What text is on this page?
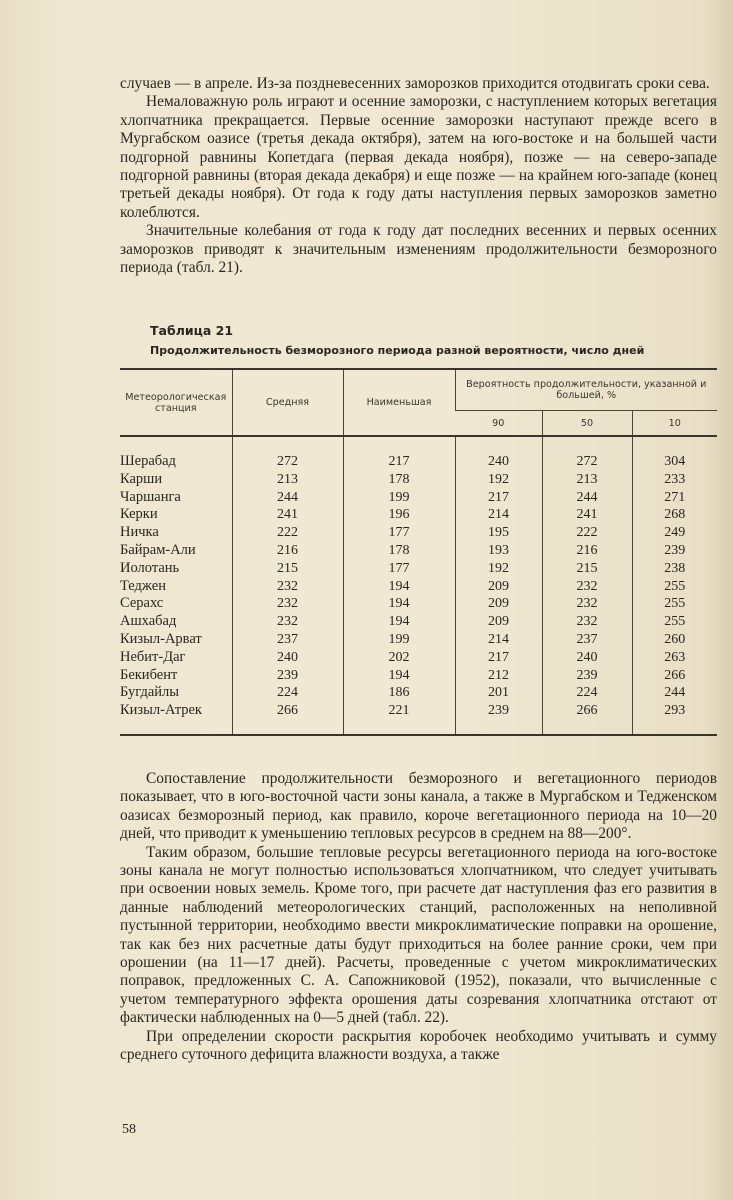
случаев — в апреле. Из-за поздневесенних заморозков приходится отодвигать сроки сева.

Немаловажную роль играют и осенние заморозки, с наступлением которых вегетация хлопчатника прекращается. Первые осенние заморозки наступают прежде всего в Мургабском оазисе (третья декада октября), затем на юго-востоке и на большей части подгорной равнины Копетдага (первая декада ноября), позже — на северо-западе подгорной равнины (вторая декада декабря) и еще позже — на крайнем юго-западе (конец третьей декады ноября). От года к году даты наступления первых заморозков заметно колеблются.

Значительные колебания от года к году дат последних весенних и первых осенних заморозков приводят к значительным изменениям продолжительности безморозного периода (табл. 21).

Таблица 21
Продолжительность безморозного периода разной вероятности, число дней
Метеорологическая станция	Средняя	Наименьшая	Вероятность продолжительности, указанной и большей, %		
			90	50	10

Шерабад	272	217	240	272	304
Карши	213	178	192	213	233
Чаршанга	244	199	217	244	271
Керки	241	196	214	241	268
Ничка	222	177	195	222	249
Байрам-Али	216	178	193	216	239
Иолотань	215	177	192	215	238
Теджен	232	194	209	232	255
Серахс	232	194	209	232	255
Ашхабад	232	194	209	232	255
Кизыл-Арват	237	199	214	237	260
Небит-Даг	240	202	217	240	263
Бекибент	239	194	212	239	266
Бугдайлы	224	186	201	224	244
Кизыл-Атрек	266	221	239	266	293

Сопоставление продолжительности безморозного и вегетационного периодов показывает, что в юго-восточной части зоны канала, а также в Мургабском и Тедженском оазисах безморозный период, как правило, короче вегетационного периода на 10—20 дней, что приводит к уменьшению тепловых ресурсов в среднем на 88—200°.

Таким образом, большие тепловые ресурсы вегетационного периода на юго-востоке зоны канала не могут полностью использоваться хлопчатником, что следует учитывать при освоении новых земель. Кроме того, при расчете дат наступления фаз его развития в данные наблюдений метеорологических станций, расположенных на неполивной пустынной территории, необходимо ввести микроклиматические поправки на орошение, так как без них расчетные даты будут приходиться на более ранние сроки, чем при орошении (на 11—17 дней). Расчеты, проведенные с учетом микроклиматических поправок, предложенных С. А. Сапожниковой (1952), показали, что вычисленные с учетом температурного эффекта орошения даты созревания хлопчатника отстают от фактически наблюденных на 0—5 дней (табл. 22).

При определении скорости раскрытия коробочек необходимо учитывать и сумму среднего суточного дефицита влажности воздуха, а также

58
